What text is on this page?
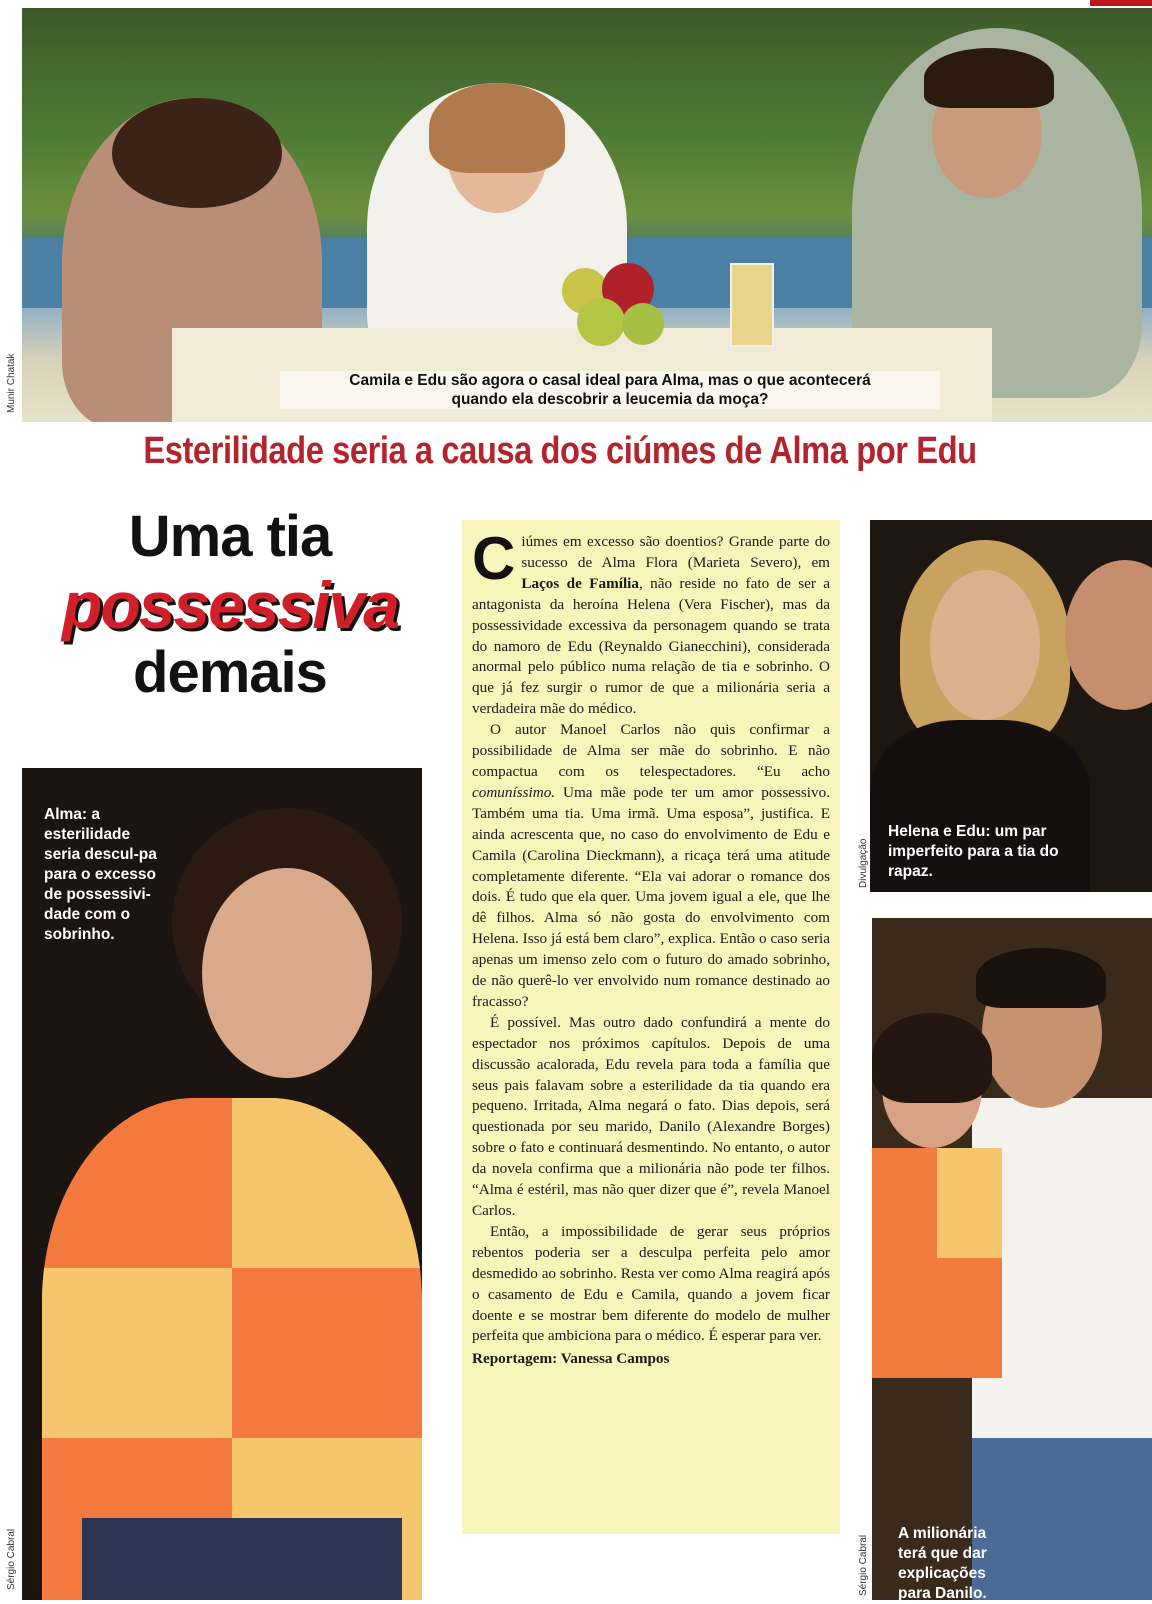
Camila e Edu são agora o casal ideal para Alma, mas o que acontecerá
quando ela descobrir a leucemia da moça?
Munir Chatak
Esterilidade seria a causa dos ciúmes de Alma por Edu
Uma tia
possessiva
demais
Alma: a esterilidade seria descul-pa para o excesso de possessivi-dade com o sobrinho.
Sérgio Cabral

Ciúmes em excesso são doentios? Grande parte do sucesso de Alma Flora (Marieta Severo), em Laços de Família, não reside no fato de ser a antagonista da heroína Helena (Vera Fischer), mas da possessividade excessiva da personagem quando se trata do namoro de Edu (Reynaldo Gianecchini), considerada anormal pelo público numa relação de tia e sobrinho. O que já fez surgir o rumor de que a milionária seria a verdadeira mãe do médico.

O autor Manoel Carlos não quis confirmar a possibilidade de Alma ser mãe do sobrinho. E não compactua com os telespectadores. “Eu acho comuníssimo. Uma mãe pode ter um amor possessivo. Também uma tia. Uma irmã. Uma esposa”, justifica. E ainda acrescenta que, no caso do envolvimento de Edu e Camila (Carolina Dieckmann), a ricaça terá uma atitude completamente diferente. “Ela vai adorar o romance dos dois. É tudo que ela quer. Uma jovem igual a ele, que lhe dê filhos. Alma só não gosta do envolvimento com Helena. Isso já está bem claro”, explica. Então o caso seria apenas um imenso zelo com o futuro do amado sobrinho, de não querê-lo ver envolvido num romance destinado ao fracasso?

É possível. Mas outro dado confundirá a mente do espectador nos próximos capítulos. Depois de uma discussão acalorada, Edu revela para toda a família que seus pais falavam sobre a esterilidade da tia quando era pequeno. Irritada, Alma negará o fato. Dias depois, será questionada por seu marido, Danilo (Alexandre Borges) sobre o fato e continuará desmentindo. No entanto, o autor da novela confirma que a milionária não pode ter filhos. “Alma é estéril, mas não quer dizer que é”, revela Manoel Carlos.

Então, a impossibilidade de gerar seus próprios rebentos poderia ser a desculpa perfeita pelo amor desmedido ao sobrinho. Resta ver como Alma reagirá após o casamento de Edu e Camila, quando a jovem ficar doente e se mostrar bem diferente do modelo de mulher perfeita que ambiciona para o médico. É esperar para ver.

Reportagem: Vanessa Campos
Helena e Edu: um par imperfeito para a tia do rapaz.
Divulgação
A milionária terá que dar explicações para Danilo.
Sérgio Cabral
